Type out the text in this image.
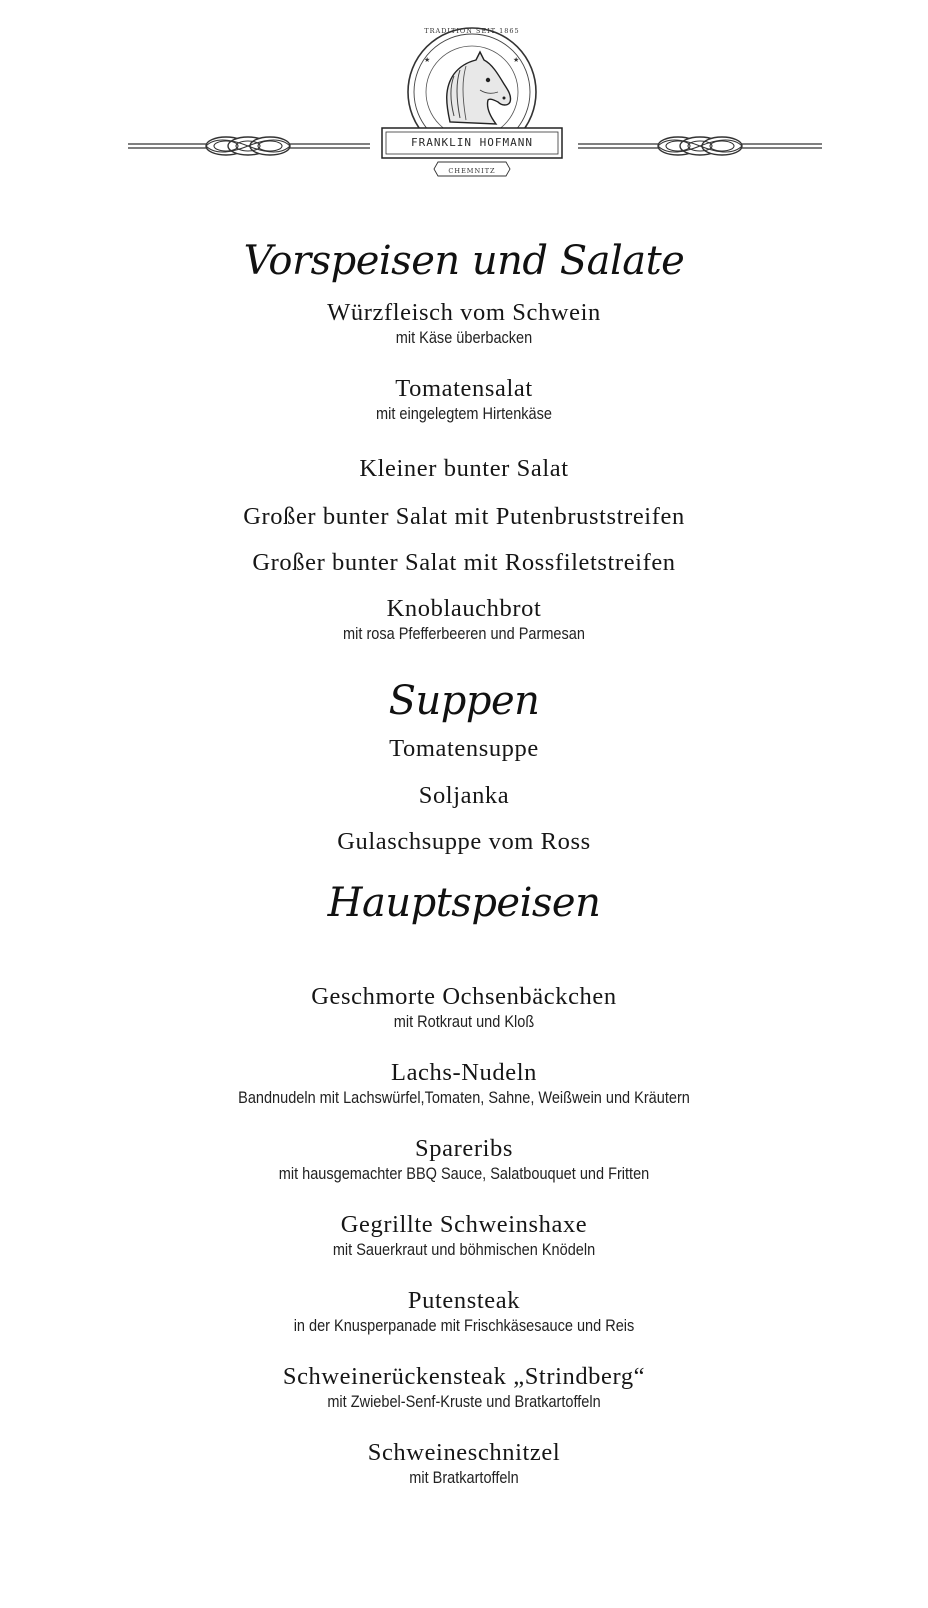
★	★
TRADITION SEIT 1865
FRANKLIN HOFMANN
CHEMNITZ
Vorspeisen und Salate
Würzfleisch vom Schwein
mit Käse überbacken
Tomatensalat
mit eingelegtem Hirtenkäse
Kleiner bunter Salat
Großer bunter Salat mit Putenbruststreifen
Großer bunter Salat mit Rossfiletstreifen
Knoblauchbrot
mit rosa Pfefferbeeren und Parmesan
Suppen
Tomatensuppe
Soljanka
Gulaschsuppe vom Ross
Hauptspeisen
Geschmorte Ochsenbäckchen
mit Rotkraut und Kloß
Lachs-Nudeln
Bandnudeln mit Lachswürfel,Tomaten, Sahne, Weißwein und Kräutern
Spareribs
mit hausgemachter BBQ Sauce, Salatbouquet und Fritten
Gegrillte Schweinshaxe
mit Sauerkraut und böhmischen Knödeln
Putensteak
in der Knusperpanade mit Frischkäsesauce und Reis
Schweinerückensteak „Strindberg“
mit Zwiebel-Senf-Kruste und Bratkartoffeln
Schweineschnitzel
mit Bratkartoffeln
